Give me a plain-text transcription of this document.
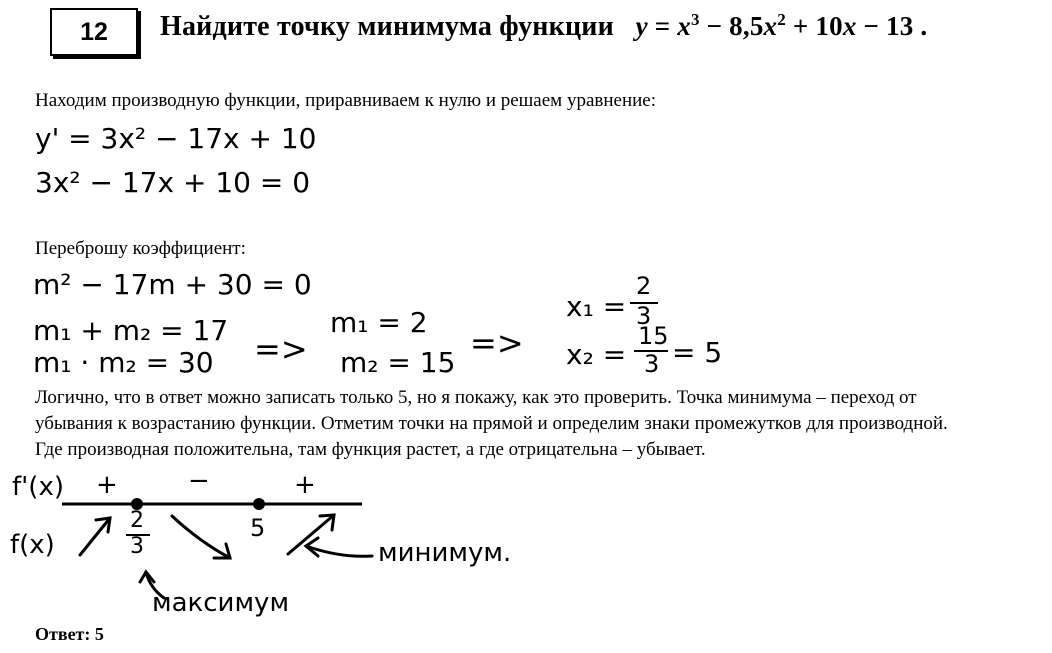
12 Найдите точку минимума функции $y = x^3 - 8,5x^2 + 10x - 13$ .
Находим производную функции, приравниваем к нулю и решаем уравнение:
y' = 3x² − 17x + 10
3x² − 17x + 10 = 0
Переброшу коэффициент:
m² − 17m + 30 = 0
m₁ + m₂ = 17
m₁ · m₂ = 30 =>
m₁ = 2
m₂ = 15
=>
x₁ =
2
3
x₂ =
15
3 = 5
Логично, что в ответ можно записать только 5, но я покажу, как это проверить. Точка минимума – переход от
убывания к возрастанию функции. Отметим точки на прямой и определим знаки промежутков для производной.
Где производная положительна, там функция растет, а где отрицательна – убывает.
f'(x) +	−	+
f(x)
2
3
5
минимум.
максимум
Ответ: 5
